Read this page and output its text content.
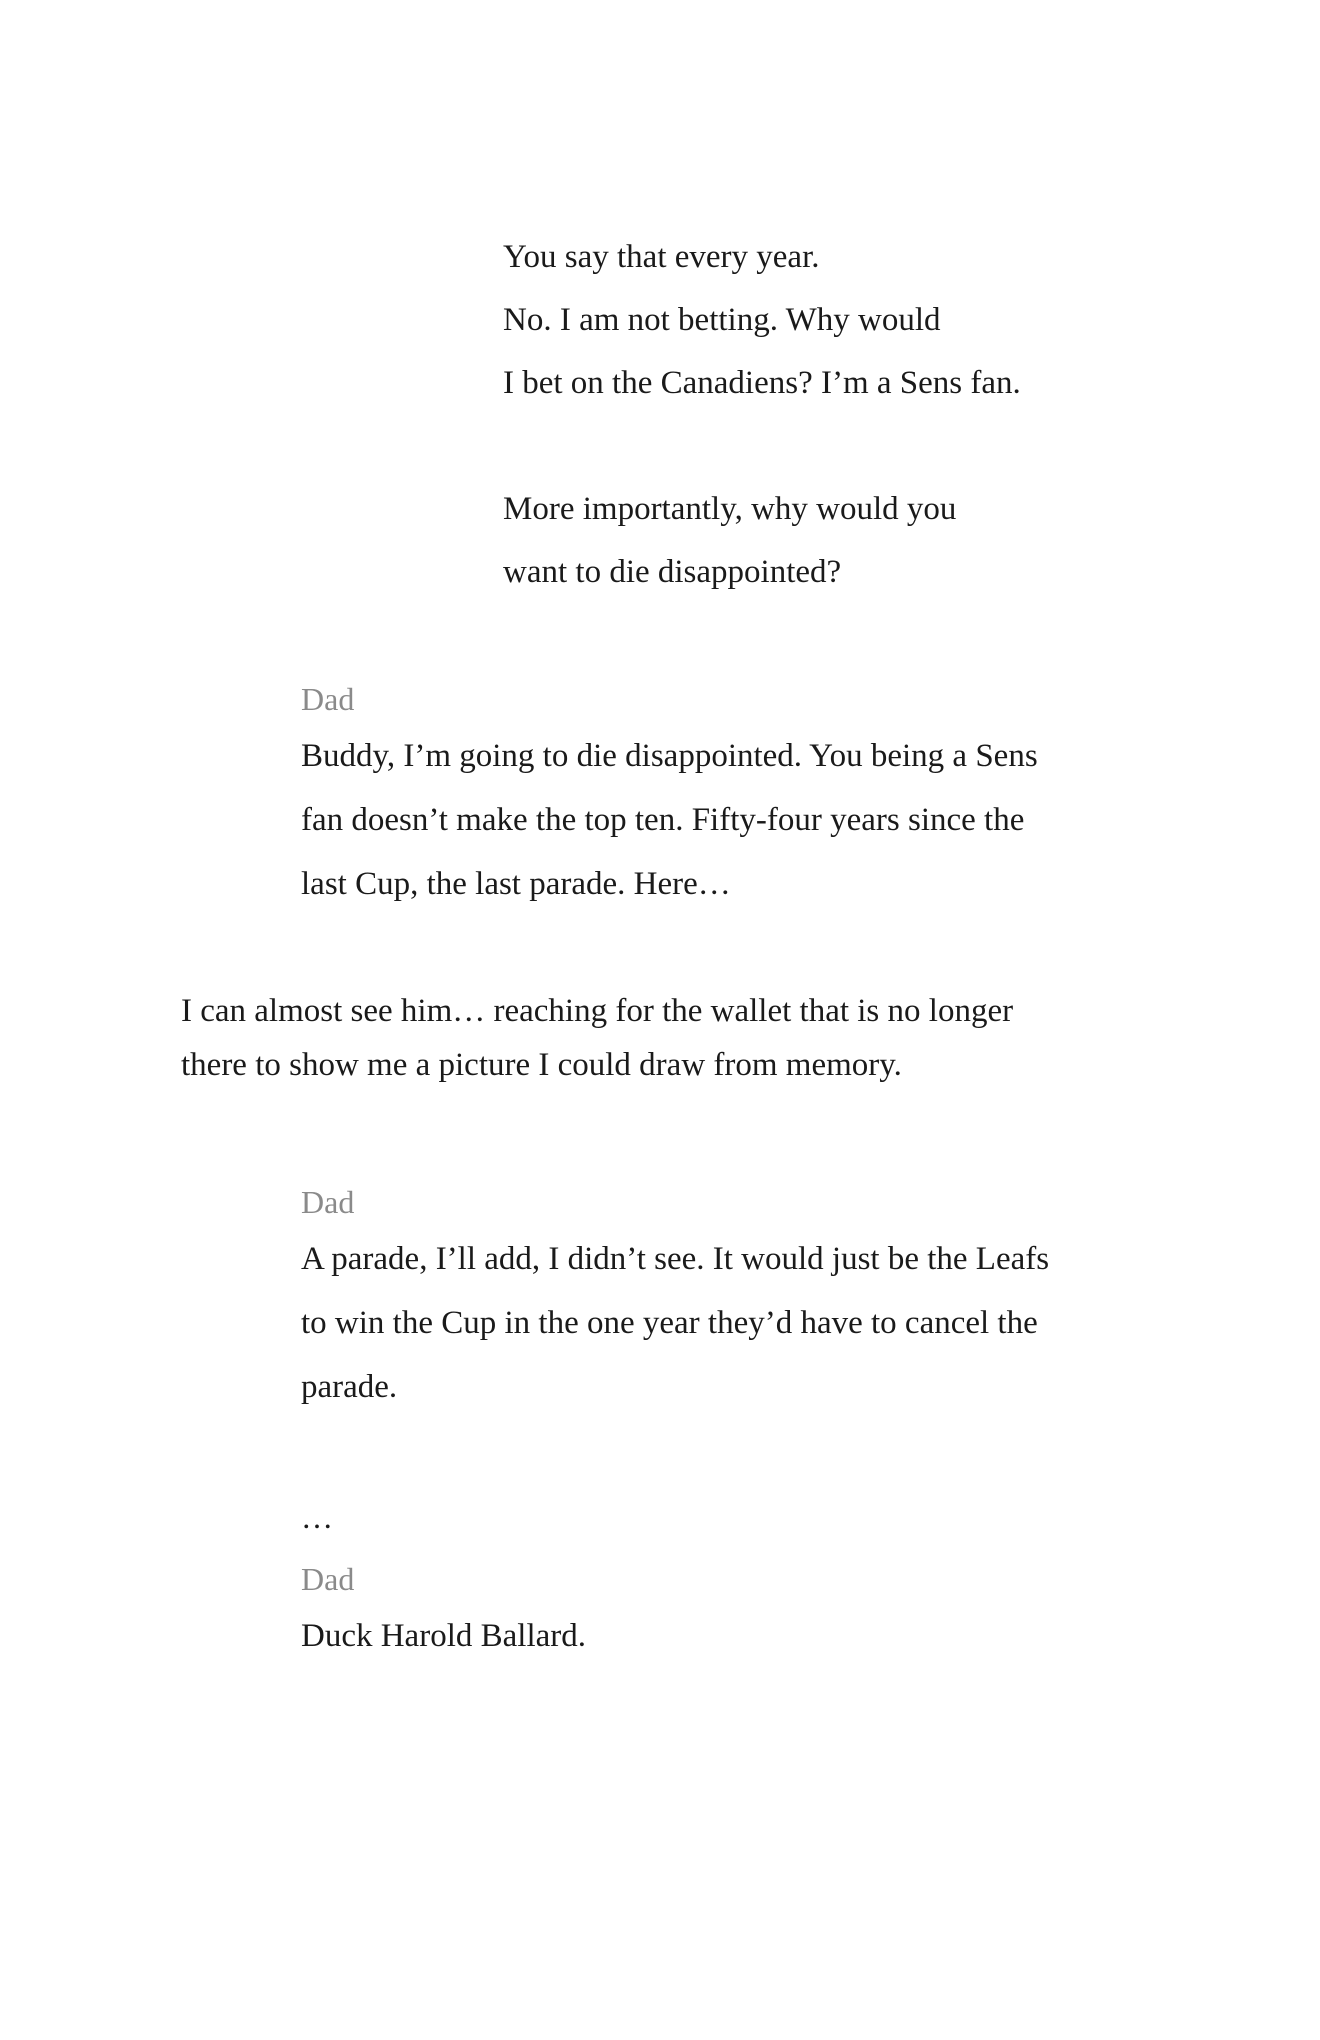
You say that every year.
No. I am not betting. Why would
I bet on the Canadiens? I’m a Sens fan.

More importantly, why would you
want to die disappointed?

Dad

Buddy, I’m going to die disappointed. You being a Sens
fan doesn’t make the top ten. Fifty-four years since the
last Cup, the last parade. Here…

I can almost see him… reaching for the wallet that is no longer
there to show me a picture I could draw from memory.

Dad

A parade, I’ll add, I didn’t see. It would just be the Leafs
to win the Cup in the one year they’d have to cancel the
parade.

…
Dad

Duck Harold Ballard.
